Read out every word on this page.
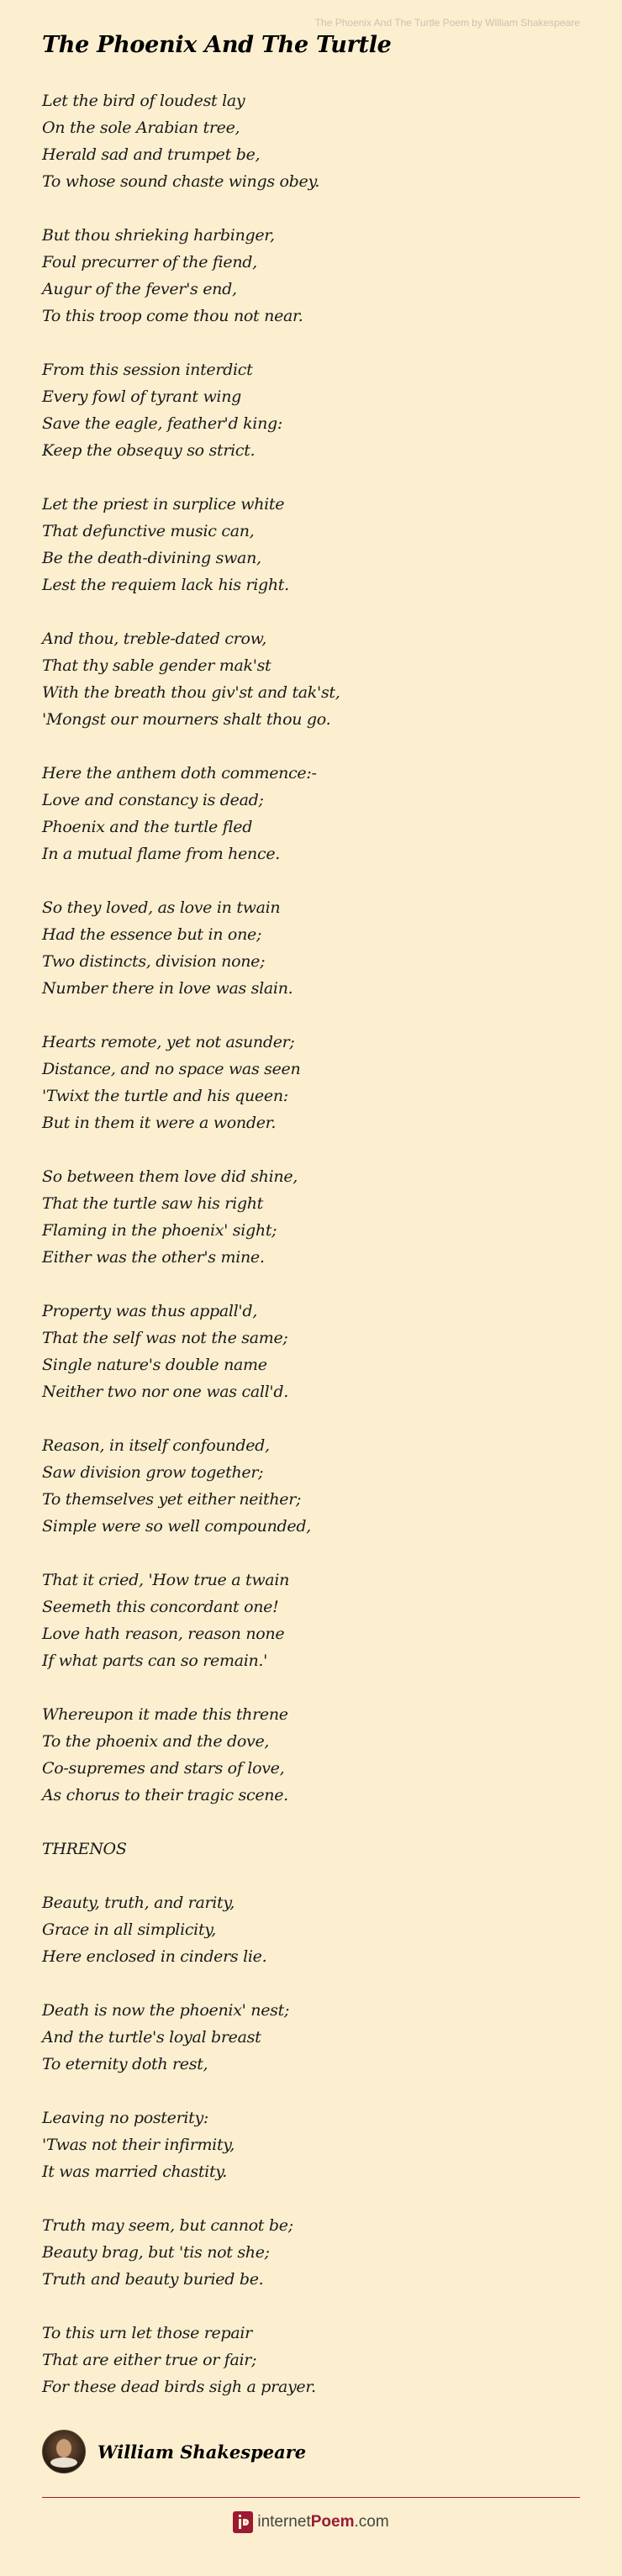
The Phoenix And The Turtle Poem by William Shakespeare
The Phoenix And The Turtle
Let the bird of loudest lay
On the sole Arabian tree,
Herald sad and trumpet be,
To whose sound chaste wings obey.
But thou shrieking harbinger,
Foul precurrer of the fiend,
Augur of the fever's end,
To this troop come thou not near.
From this session interdict
Every fowl of tyrant wing
Save the eagle, feather'd king:
Keep the obsequy so strict.
Let the priest in surplice white
That defunctive music can,
Be the death-divining swan,
Lest the requiem lack his right.
And thou, treble-dated crow,
That thy sable gender mak'st
With the breath thou giv'st and tak'st,
'Mongst our mourners shalt thou go.
Here the anthem doth commence:-
Love and constancy is dead;
Phoenix and the turtle fled
In a mutual flame from hence.
So they loved, as love in twain
Had the essence but in one;
Two distincts, division none;
Number there in love was slain.
Hearts remote, yet not asunder;
Distance, and no space was seen
'Twixt the turtle and his queen:
But in them it were a wonder.
So between them love did shine,
That the turtle saw his right
Flaming in the phoenix' sight;
Either was the other's mine.
Property was thus appall'd,
That the self was not the same;
Single nature's double name
Neither two nor one was call'd.
Reason, in itself confounded,
Saw division grow together;
To themselves yet either neither;
Simple were so well compounded,
That it cried, 'How true a twain
Seemeth this concordant one!
Love hath reason, reason none
If what parts can so remain.'
Whereupon it made this threne
To the phoenix and the dove,
Co-supremes and stars of love,
As chorus to their tragic scene.
THRENOS
Beauty, truth, and rarity,
Grace in all simplicity,
Here enclosed in cinders lie.
Death is now the phoenix' nest;
And the turtle's loyal breast
To eternity doth rest,
Leaving no posterity:
'Twas not their infirmity,
It was married chastity.
Truth may seem, but cannot be;
Beauty brag, but 'tis not she;
Truth and beauty buried be.
To this urn let those repair
That are either true or fair;
For these dead birds sigh a prayer.
William Shakespeare
internet Poem .com
